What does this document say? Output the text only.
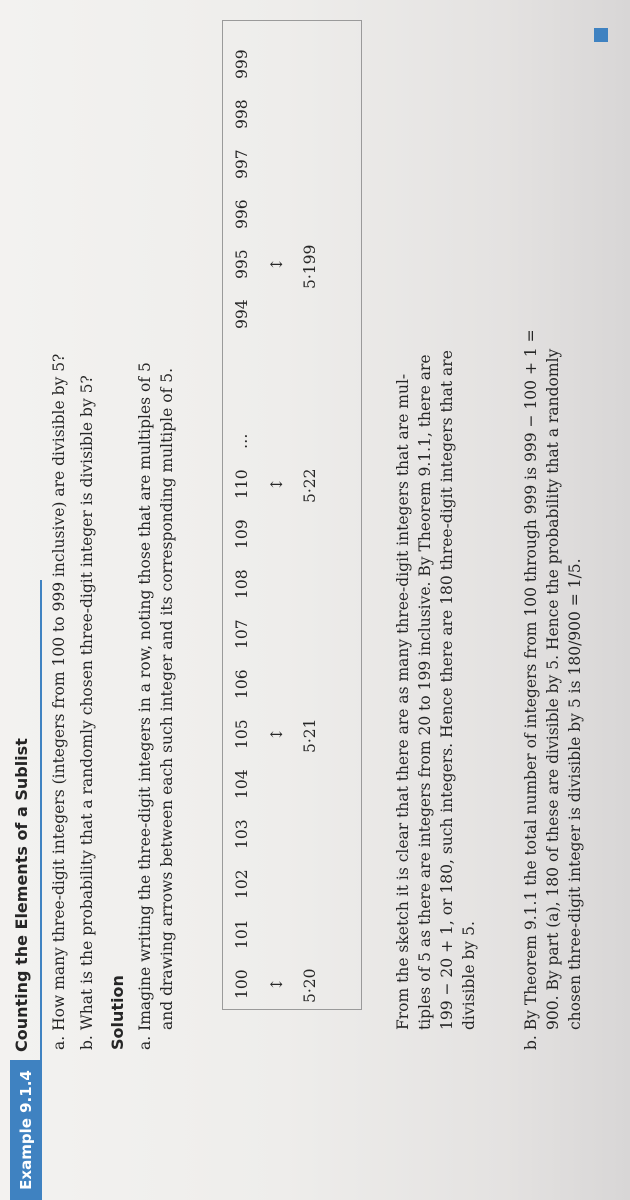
Example 9.1.4
Counting the Elements of a Sublist a. How many three-digit integers (integers from 100 to 999 inclusive) are divisible by 5? b. What is the probability that a randomly chosen three-digit integer is divisible by 5? Solution a. Imagine writing the three-digit integers in a row, noting those that are multiples of 5 and drawing arrows between each such integer and its corresponding multiple of 5.	100
101
102
103
104
105
106
107
108
109
110
…
994
995
996
997
998
999
↕
↕
↕
↕
5·20
5·21
5·22
5·199
From the sketch it is clear that there are as many three-digit integers that are mul- tiples of 5 as there are integers from 20 to 199 inclusive. By Theorem 9.1.1, there are 199 − 20 + 1, or 180, such integers. Hence there are 180 three-digit integers that are divisible by 5.	b. By Theorem 9.1.1 the total number of integers from 100 through 999 is 999 − 100 + 1 = 900. By part (a), 180 of these are divisible by 5. Hence the probability that a randomly chosen three-digit integer is divisible by 5 is 180/900 = 1/5.
